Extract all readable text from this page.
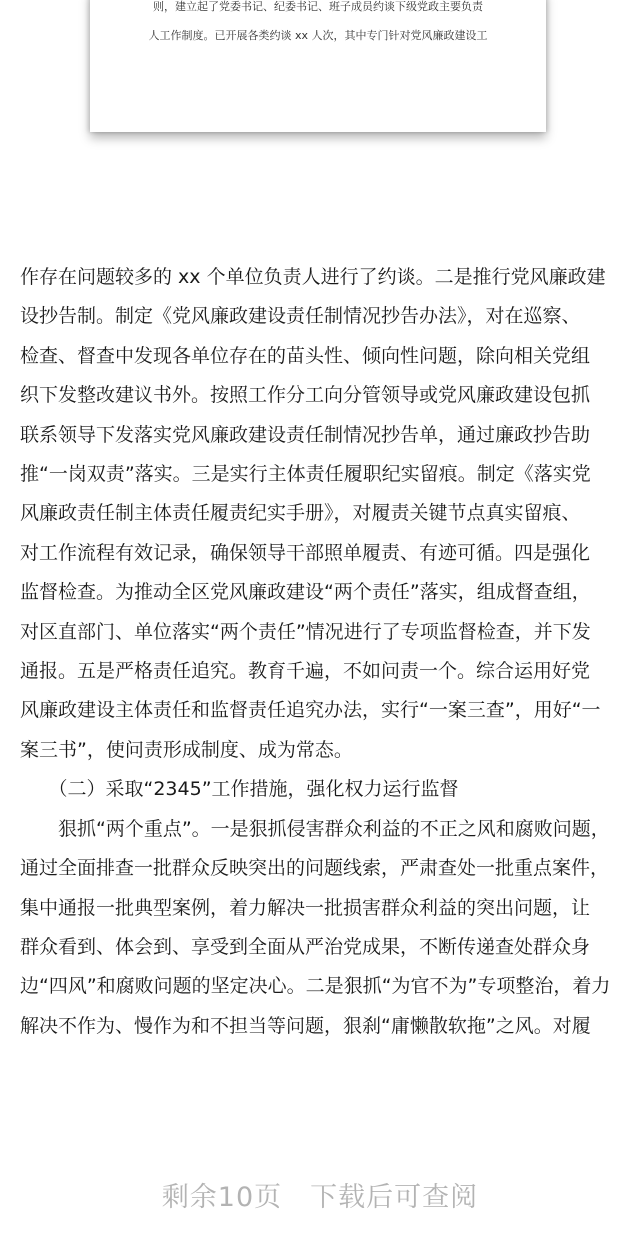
则，建立起了党委书记、纪委书记、班子成员约谈下级党政主要负责
人工作制度。已开展各类约谈 xx 人次，其中专门针对党风廉政建设工

作存在问题较多的 xx 个单位负责人进行了约谈。二是推行党风廉政建

设抄告制。制定《党风廉政建设责任制情况抄告办法》，对在巡察、

检查、督查中发现各单位存在的苗头性、倾向性问题，除向相关党组

织下发整改建议书外。按照工作分工向分管领导或党风廉政建设包抓

联系领导下发落实党风廉政建设责任制情况抄告单，通过廉政抄告助

推“一岗双责”落实。三是实行主体责任履职纪实留痕。制定《落实党

风廉政责任制主体责任履责纪实手册》，对履责关键节点真实留痕、

对工作流程有效记录，确保领导干部照单履责、有迹可循。四是强化

监督检查。为推动全区党风廉政建设“两个责任”落实，组成督查组，

对区直部门、单位落实“两个责任”情况进行了专项监督检查，并下发

通报。五是严格责任追究。教育千遍，不如问责一个。综合运用好党

风廉政建设主体责任和监督责任追究办法，实行“一案三查”，用好“一

案三书”，使问责形成制度、成为常态。

　　（二）采取“2345”工作措施，强化权力运行监督

　　狠抓“两个重点”。一是狠抓侵害群众利益的不正之风和腐败问题，

通过全面排查一批群众反映突出的问题线索，严肃查处一批重点案件，

集中通报一批典型案例，着力解决一批损害群众利益的突出问题，让

群众看到、体会到、享受到全面从严治党成果，不断传递查处群众身

边“四风”和腐败问题的坚定决心。二是狠抓“为官不为”专项整治，着力

解决不作为、慢作为和不担当等问题，狠刹“庸懒散软拖”之风。对履

剩余10页　下载后可查阅
